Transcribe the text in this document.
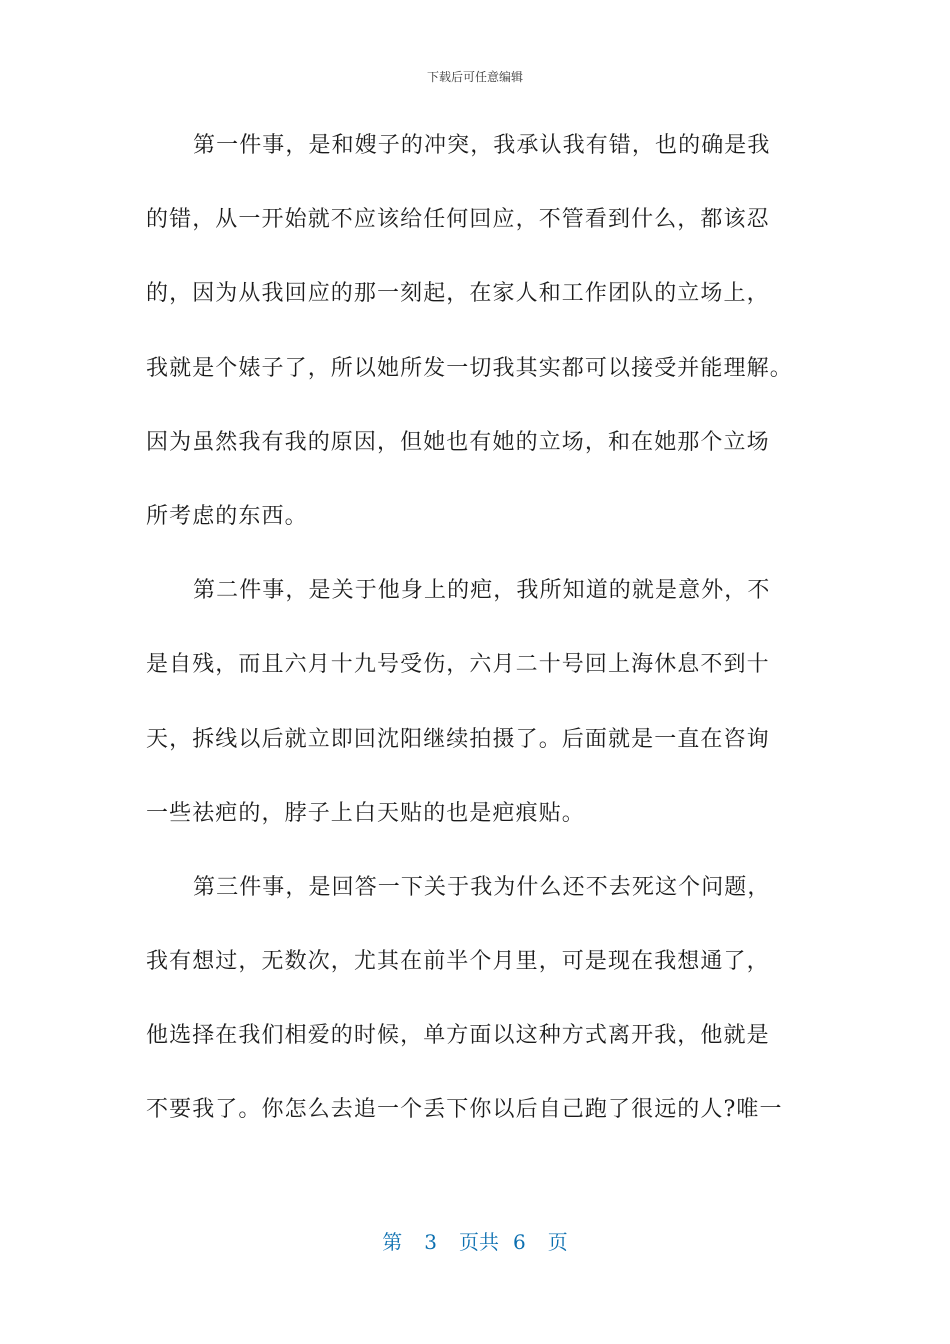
下载后可任意编辑
第一件事，是和嫂子的冲突，我承认我有错，也的确是我
的错，从一开始就不应该给任何回应，不管看到什么，都该忍
的，因为从我回应的那一刻起，在家人和工作团队的立场上，
我就是个婊子了，所以她所发一切我其实都可以接受并能理解。
因为虽然我有我的原因，但她也有她的立场，和在她那个立场
所考虑的东西。
第二件事，是关于他身上的疤，我所知道的就是意外，不
是自残，而且六月十九号受伤，六月二十号回上海休息不到十
天，拆线以后就立即回沈阳继续拍摄了。后面就是一直在咨询
一些祛疤的，脖子上白天贴的也是疤痕贴。
第三件事，是回答一下关于我为什么还不去死这个问题，
我有想过，无数次，尤其在前半个月里，可是现在我想通了，
他选择在我们相爱的时候，单方面以这种方式离开我，他就是
不要我了。你怎么去追一个丢下你以后自己跑了很远的人?唯一
第 3 页共 6 页
